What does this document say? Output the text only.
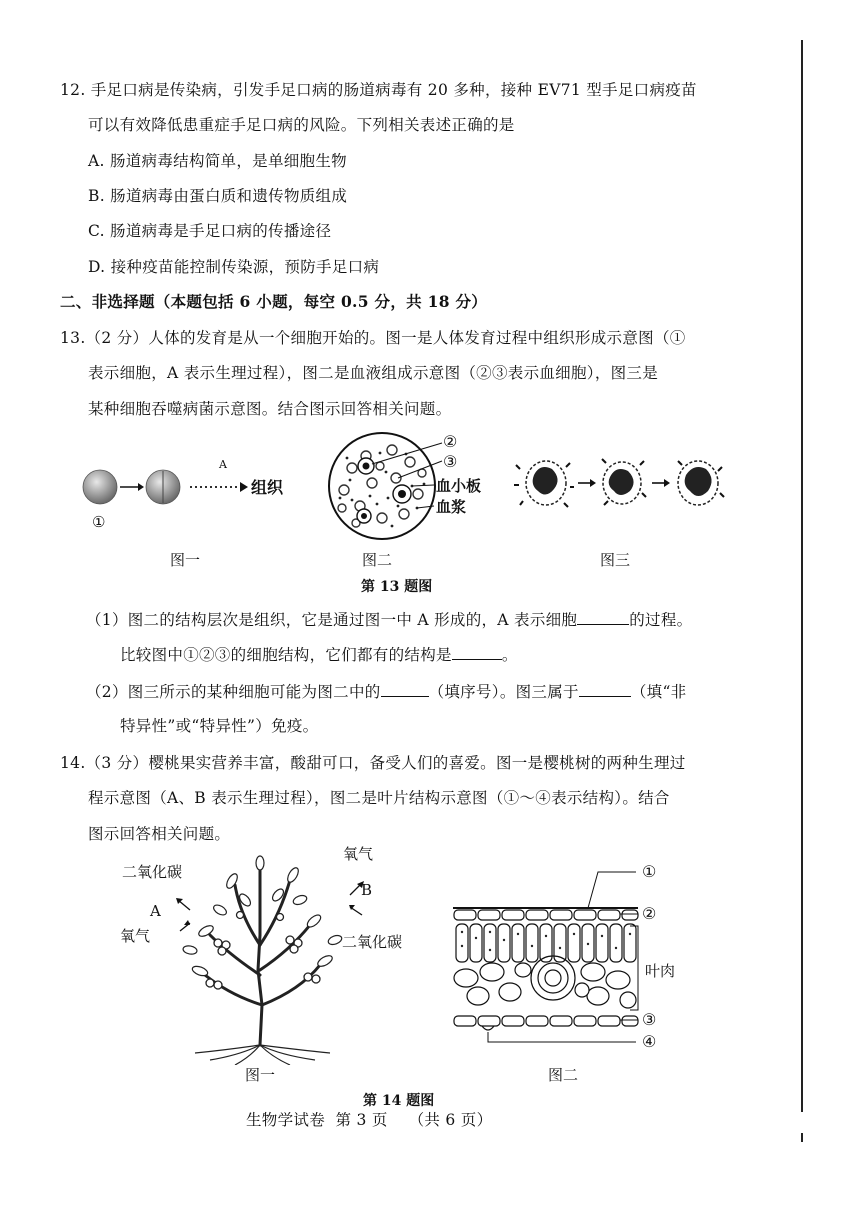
12. 手足口病是传染病，引发手足口病的肠道病毒有 20 多种，接种 EV71 型手足口病疫苗
可以有效降低患重症手足口病的风险。下列相关表述正确的是
A. 肠道病毒结构简单，是单细胞生物
B. 肠道病毒由蛋白质和遗传物质组成
C. 肠道病毒是手足口病的传播途径
D. 接种疫苗能控制传染源，预防手足口病
二、非选择题（本题包括 6 小题，每空 0.5 分，共 18 分）
13.（2 分）人体的发育是从一个细胞开始的。图一是人体发育过程中组织形成示意图（①
表示细胞，A 表示生理过程），图二是血液组成示意图（②③表示血细胞），图三是
某种细胞吞噬病菌示意图。结合图示回答相关问题。
A
组织
①
图一
②
③
血小板
血浆
图二	图三
第 13 题图
（1）图二的结构层次是组织，它是通过图一中 A 形成的，A 表示细胞	的过程。
比较图中①②③的细胞结构，它们都有的结构是	。
（2）图三所示的某种细胞可能为图二中的	（填序号）。图三属于	（填“非
特异性”或“特异性”）免疫。
14.（3 分）樱桃果实营养丰富，酸甜可口，备受人们的喜爱。图一是樱桃树的两种生理过
程示意图（A、B 表示生理过程），图二是叶片结构示意图（①～④表示结构）。结合
图示回答相关问题。
二氧化碳
A
氧气
氧气
B
二氧化碳
图一
①
②
叶肉
③
④
图二
第 14 题图
生物学试卷  第 3 页    （共 6 页）
